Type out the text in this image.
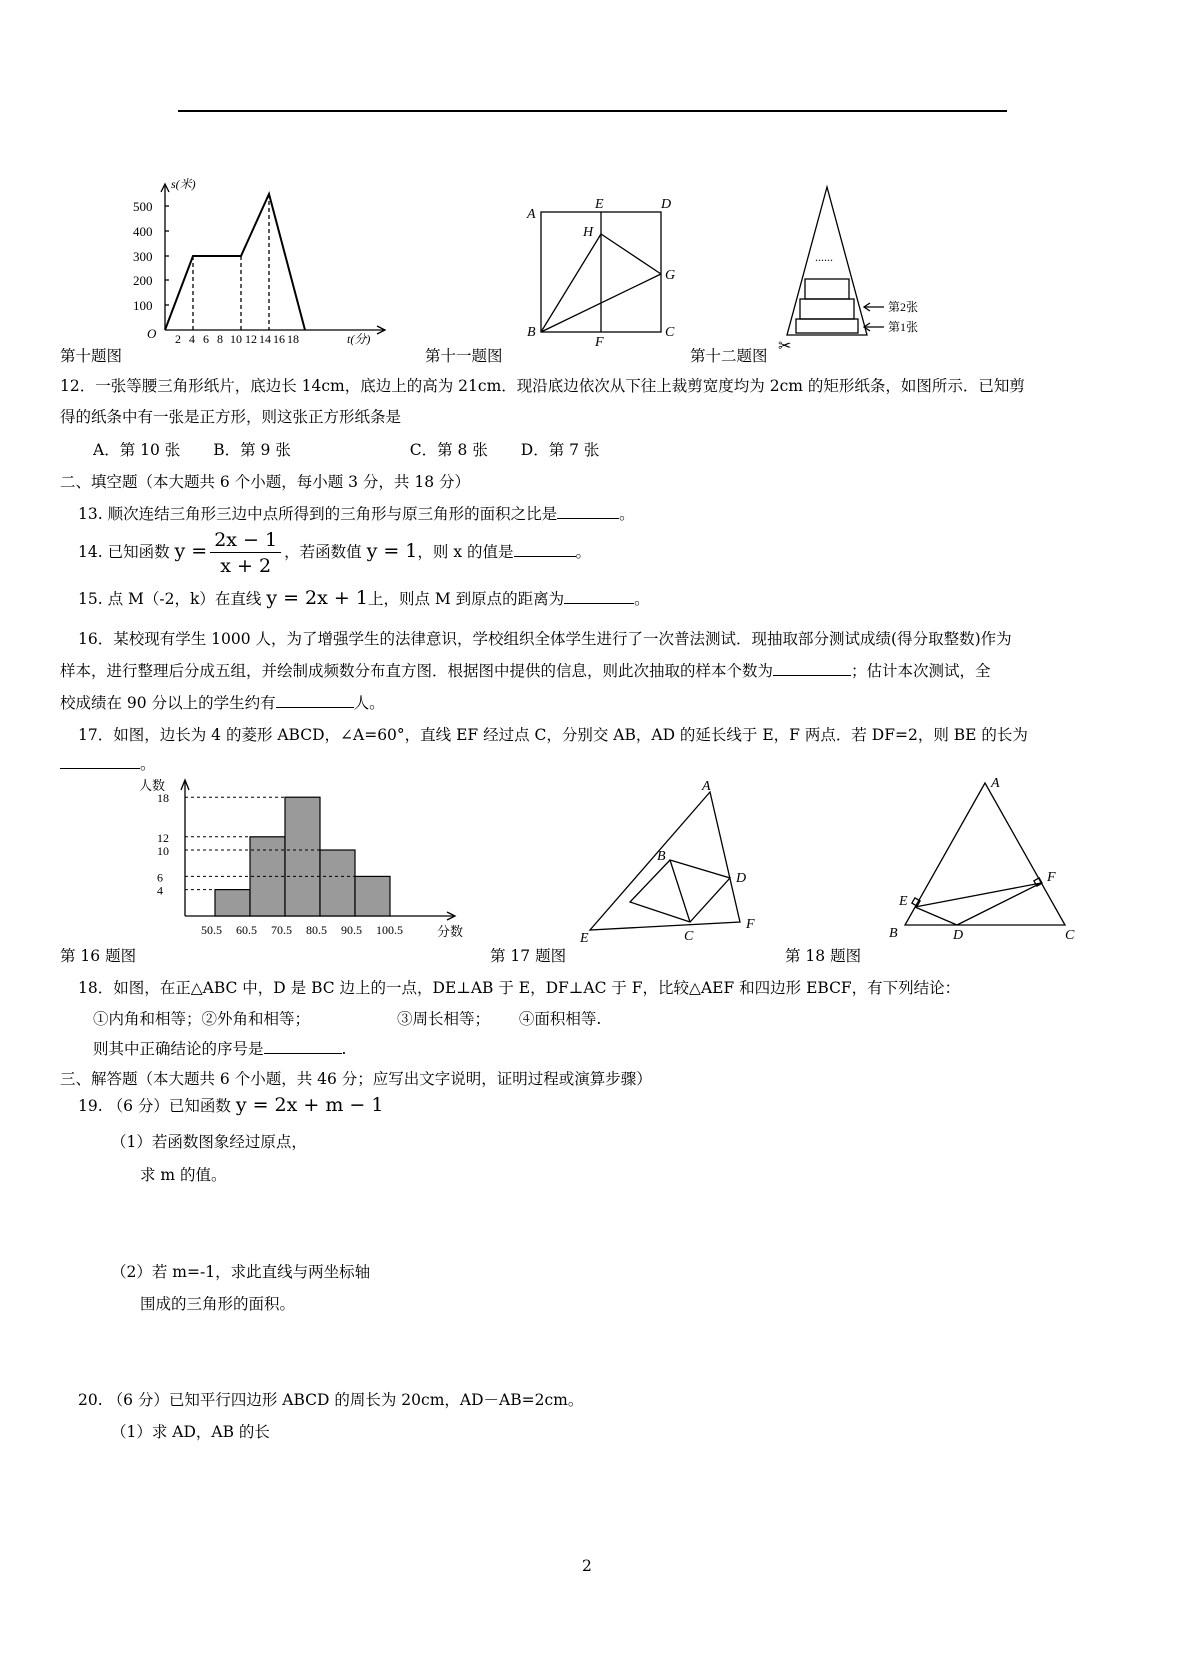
s(米)
500
400
300
200
100
O 2 4 6 8 10 12 14 16 18	t(分)
第十题图
A
E	D
H
G
B
F
C
第十一题图
......
第2张
第1张
✂
第十二题图
12．一张等腰三角形纸片，底边长 14cm，底边上的高为 21cm．现沿底边依次从下往上裁剪宽度均为 2cm 的矩形纸条，如图所示．已知剪
得的纸条中有一张是正方形，则这张正方形纸条是
A．第 10 张 B．第 9 张	C．第 8 张 D．第 7 张
二、填空题（本大题共 6 个小题，每小题 3 分，共 18 分）
13. 顺次连结三角形三边中点所得到的三角形与原三角形的面积之比是	。
14. 已知函数 $y = \frac{2x - 1}{x + 2}$ ，若函数值 y = 1，则 x 的值是	。
15. 点 M（-2，k）在直线 y = 2x + 1上，则点 M 到原点的距离为	。
16．某校现有学生 1000 人，为了增强学生的法律意识，学校组织全体学生进行了一次普法测试．现抽取部分测试成绩(得分取整数)作为
样本，进行整理后分成五组，并绘制成频数分布直方图．根据图中提供的信息，则此次抽取的样本个数为	；估计本次测试，全
校成绩在 90 分以上的学生约有	人。
17．如图，边长为 4 的菱形 ABCD，∠A=60°，直线 EF 经过点 C，分别交 AB，AD 的延长线于 E，F 两点．若 DF=2，则 BE 的长为
。
人数
18
12
10
6
4
50.5 60.5 70.5 80.5 90.5 100.5	分数
第 16 题图
A
B
D
E	C
F
第 17 题图
A
E
F
B	D	C
第 18 题图
18．如图，在正△ABC 中，D 是 BC 边上的一点，DE⊥AB 于 E，DF⊥AC 于 F，比较△AEF 和四边形 EBCF，有下列结论：
①内角和相等；②外角和相等；	③周长相等； ④面积相等.
则其中正确结论的序号是	.
三、解答题（本大题共 6 个小题，共 46 分；应写出文字说明，证明过程或演算步骤）
19. （6 分）已知函数 y = 2x + m − 1
（1）若函数图象经过原点，
求 m 的值。
（2）若 m=-1，求此直线与两坐标轴
围成的三角形的面积。
20. （6 分）已知平行四边形 ABCD 的周长为 20cm，AD－AB=2cm。
（1）求 AD，AB 的长
2
